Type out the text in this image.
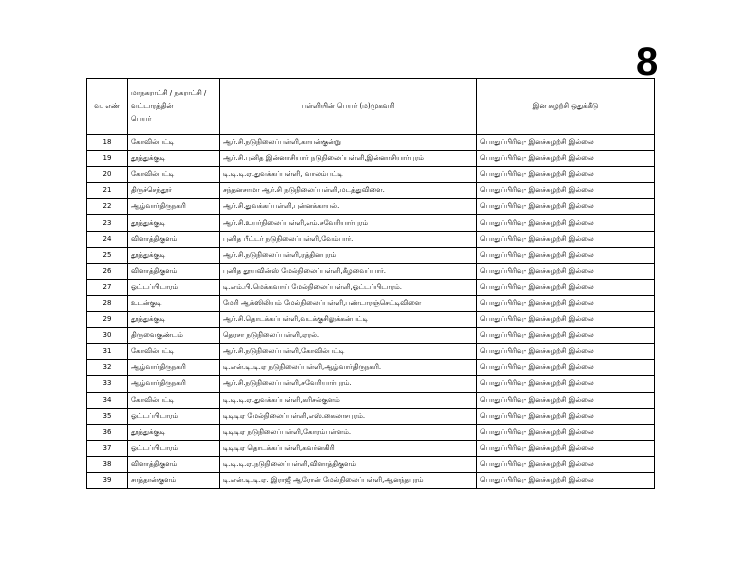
8
வ. எண்	மாநகராட்சி / நகராட்சி /
வட்டாரத்தின்
பெயர்	பள்ளியின் பெயர் (ம)முகவரி	இன சுழற்சி ஒதுக்கீடு
18	கோவில்பட்டி	ஆர்.சி.நடுநிலைப்பள்ளி,காயன்குன்று	பொதுப்பிரிவு- இனச்சுழற்சி இல்லை
19	தூத்துக்குடி	ஆர்.சி.புனித இன்னாசியார் நடுநிலைப்பள்ளி,இன்னாசியார்புரம்	பொதுப்பிரிவு- இனச்சுழற்சி இல்லை
20	கோவில்பட்டி	டி.டி.டி.ஏ.துவக்கப்பள்ளி, வாலம்பட்டி	பொதுப்பிரிவு- இனச்சுழற்சி இல்லை
21	திருச்செந்தூர்	சந்தனசாமா ஆர்.சி நடுநிலைப்பள்ளி,மடத்துவிளை.	பொதுப்பிரிவு- இனச்சுழற்சி இல்லை
22	ஆழ்வார்திருநகரி	ஆர்.சி.துவக்கப்பள்ளி,புன்னக்காயல்.	பொதுப்பிரிவு- இனச்சுழற்சி இல்லை
23	தூத்துக்குடி	ஆர்.சி.உயர்நிலைப்பள்ளி,எம்.சவேரியார்புரம்	பொதுப்பிரிவு- இனச்சுழற்சி இல்லை
24	விளாத்திகுளம்	புனித பீட்டர் நடுநிலைப்பள்ளி,வேம்பார்.	பொதுப்பிரிவு- இனச்சுழற்சி இல்லை
25	தூத்துக்குடி	ஆர்.சி.நடுநிலைப்பள்ளி,ரத்தினபுரம்	பொதுப்பிரிவு- இனச்சுழற்சி இல்லை
26	விளாத்திகுளம்	புனித தூயவின்ஸ் மேல்நிலைப்பள்ளி,கீழவைப்பார்.	பொதுப்பிரிவு- இனச்சுழற்சி இல்லை
27	ஓட்டப்பிடாரம்	டி.எம்.பி.மெக்கவாய் மேல்நிலைப்பள்ளி,ஓட்டப்பிடாரம்.	பொதுப்பிரிவு- இனச்சுழற்சி இல்லை
28	உடன்குடி	மேரி ஆக்ஸிலியம் மேல்நிலைப்பள்ளி,பண்டாரஞ்செட்டிவிளை	பொதுப்பிரிவு- இனச்சுழற்சி இல்லை
29	தூத்துக்குடி	ஆர்.சி.தொடக்கப்பள்ளி,வடக்குசிலுக்கன்பட்டி	பொதுப்பிரிவு- இனச்சுழற்சி இல்லை
30	திருவைகுண்டம்	தெரசா நடுநிலைப்பள்ளி,ஏரல்.	பொதுப்பிரிவு- இனச்சுழற்சி இல்லை
31	கோவில்பட்டி	ஆர்.சி.நடுநிலைப்பள்ளி,கோவில்பட்டி	பொதுப்பிரிவு- இனச்சுழற்சி இல்லை
32	ஆழ்வார்திருநகரி	டி.என்.டி.டி.ஏ நடுநிலைப்பள்ளி,ஆழ்வார்திருநகரி.	பொதுப்பிரிவு- இனச்சுழற்சி இல்லை
33	ஆழ்வார்திருநகரி	ஆர்.சி.நடுநிலைப்பள்ளி,சவேரியார்புரம்.	பொதுப்பிரிவு- இனச்சுழற்சி இல்லை
34	கோவில்பட்டி	டி.டி.டி.ஏ.துவக்கப்பள்ளி,கரிசல்குளம்	பொதுப்பிரிவு- இனச்சுழற்சி இல்லை
35	ஓட்டப்பிடாரம்	டிடிடிஏ மேல்நிலைப்பள்ளி,எஸ்.கைலாசபுரம்.	பொதுப்பிரிவு- இனச்சுழற்சி இல்லை
36	தூத்துக்குடி	டிடிடிஏ நடுநிலைப்பள்ளி,கோரம்பள்ளம்.	பொதுப்பிரிவு- இனச்சுழற்சி இல்லை
37	ஓட்டப்பிடாரம்	டிடிடிஏ தொடக்கப்பள்ளி,கவர்னகிரி	பொதுப்பிரிவு- இனச்சுழற்சி இல்லை
38	விளாத்திகுளம்	டி.டி.டி.ஏ.நடுநிலைப்பள்ளி,விளாத்திகுளம்	பொதுப்பிரிவு- இனச்சுழற்சி இல்லை
39	சாத்தான்குளம்	டி.என்.டி.டி.ஏ. இராஜீ ஆரோன் மேல்நிலைப்பள்ளி,ஆனந்தபுரம்	பொதுப்பிரிவு- இனச்சுழற்சி இல்லை
